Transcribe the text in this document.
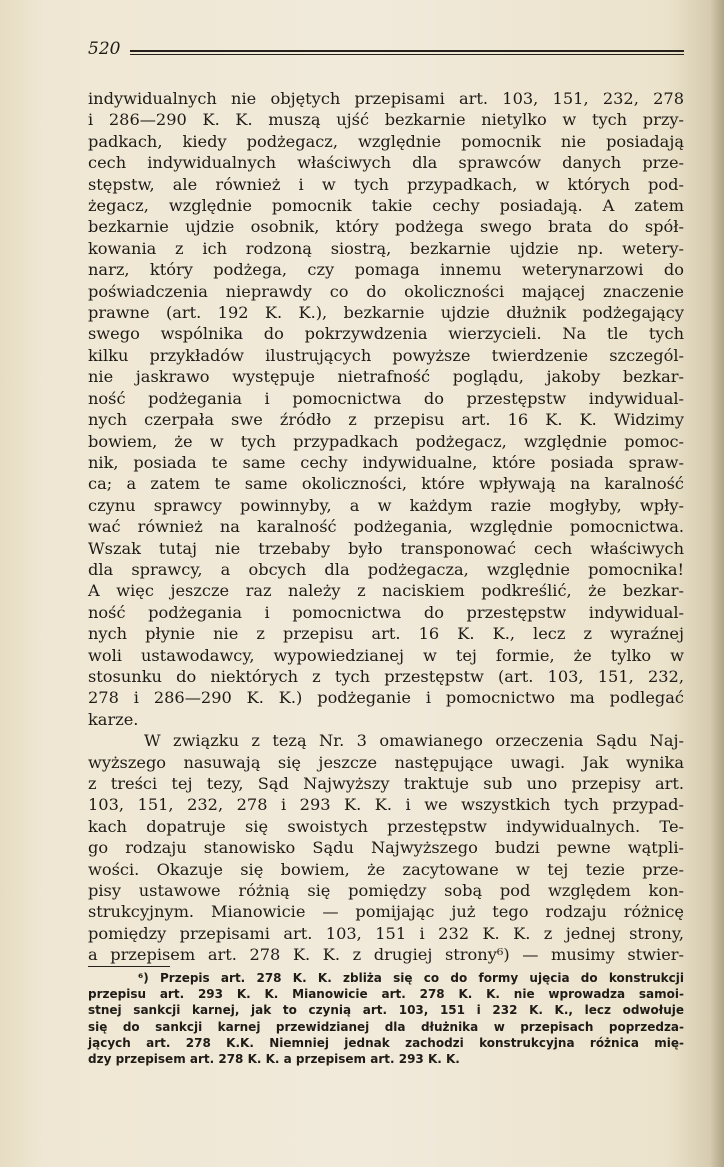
520
indywidualnych nie objętych przepisami art. 103, 151, 232, 278
i 286—290 K. K. muszą ujść bezkarnie nietylko w tych przy-
padkach, kiedy podżegacz, względnie pomocnik nie posiadają
cech indywidualnych właściwych dla sprawców danych prze-
stępstw, ale również i w tych przypadkach, w których pod-
żegacz, względnie pomocnik takie cechy posiadają. A zatem
bezkarnie ujdzie osobnik, który podżega swego brata do spół-
kowania z ich rodzoną siostrą, bezkarnie ujdzie np. wetery-
narz, który podżega, czy pomaga innemu weterynarzowi do
poświadczenia nieprawdy co do okoliczności mającej znaczenie
prawne (art. 192 K. K.), bezkarnie ujdzie dłużnik podżegający
swego wspólnika do pokrzywdzenia wierzycieli. Na tle tych
kilku przykładów ilustrujących powyższe twierdzenie szczegól-
nie jaskrawo występuje nietrafność poglądu, jakoby bezkar-
ność podżegania i pomocnictwa do przestępstw indywidual-
nych czerpała swe źródło z przepisu art. 16 K. K. Widzimy
bowiem, że w tych przypadkach podżegacz, względnie pomoc-
nik, posiada te same cechy indywidualne, które posiada spraw-
ca; a zatem te same okoliczności, które wpływają na karalność
czynu sprawcy powinnyby, a w każdym razie mogłyby, wpły-
wać również na karalność podżegania, względnie pomocnictwa.
Wszak tutaj nie trzebaby było transponować cech właściwych
dla sprawcy, a obcych dla podżegacza, względnie pomocnika!
A więc jeszcze raz należy z naciskiem podkreślić, że bezkar-
ność podżegania i pomocnictwa do przestępstw indywidual-
nych płynie nie z przepisu art. 16 K. K., lecz z wyraźnej
woli ustawodawcy, wypowiedzianej w tej formie, że tylko w
stosunku do niektórych z tych przestępstw (art. 103, 151, 232,
278 i 286—290 K. K.) podżeganie i pomocnictwo ma podlegać
karze.
W związku z tezą Nr. 3 omawianego orzeczenia Sądu Naj-
wyższego nasuwają się jeszcze następujące uwagi. Jak wynika
z treści tej tezy, Sąd Najwyższy traktuje sub uno przepisy art.
103, 151, 232, 278 i 293 K. K. i we wszystkich tych przypad-
kach dopatruje się swoistych przestępstw indywidualnych. Te-
go rodzaju stanowisko Sądu Najwyższego budzi pewne wątpli-
wości. Okazuje się bowiem, że zacytowane w tej tezie prze-
pisy ustawowe różnią się pomiędzy sobą pod względem kon-
strukcyjnym. Mianowicie — pomijając już tego rodzaju różnicę
pomiędzy przepisami art. 103, 151 i 232 K. K. z jednej strony,
a przepisem art. 278 K. K. z drugiej strony⁶) — musimy stwier-
⁶) Przepis art. 278 K. K. zbliża się co do formy ujęcia do konstrukcji
przepisu art. 293 K. K. Mianowicie art. 278 K. K. nie wprowadza samoi-
stnej sankcji karnej, jak to czynią art. 103, 151 i 232 K. K., lecz odwołuje
się do sankcji karnej przewidzianej dla dłużnika w przepisach poprzedza-
jących art. 278 K.K. Niemniej jednak zachodzi konstrukcyjna różnica mię-
dzy przepisem art. 278 K. K. a przepisem art. 293 K. K.
